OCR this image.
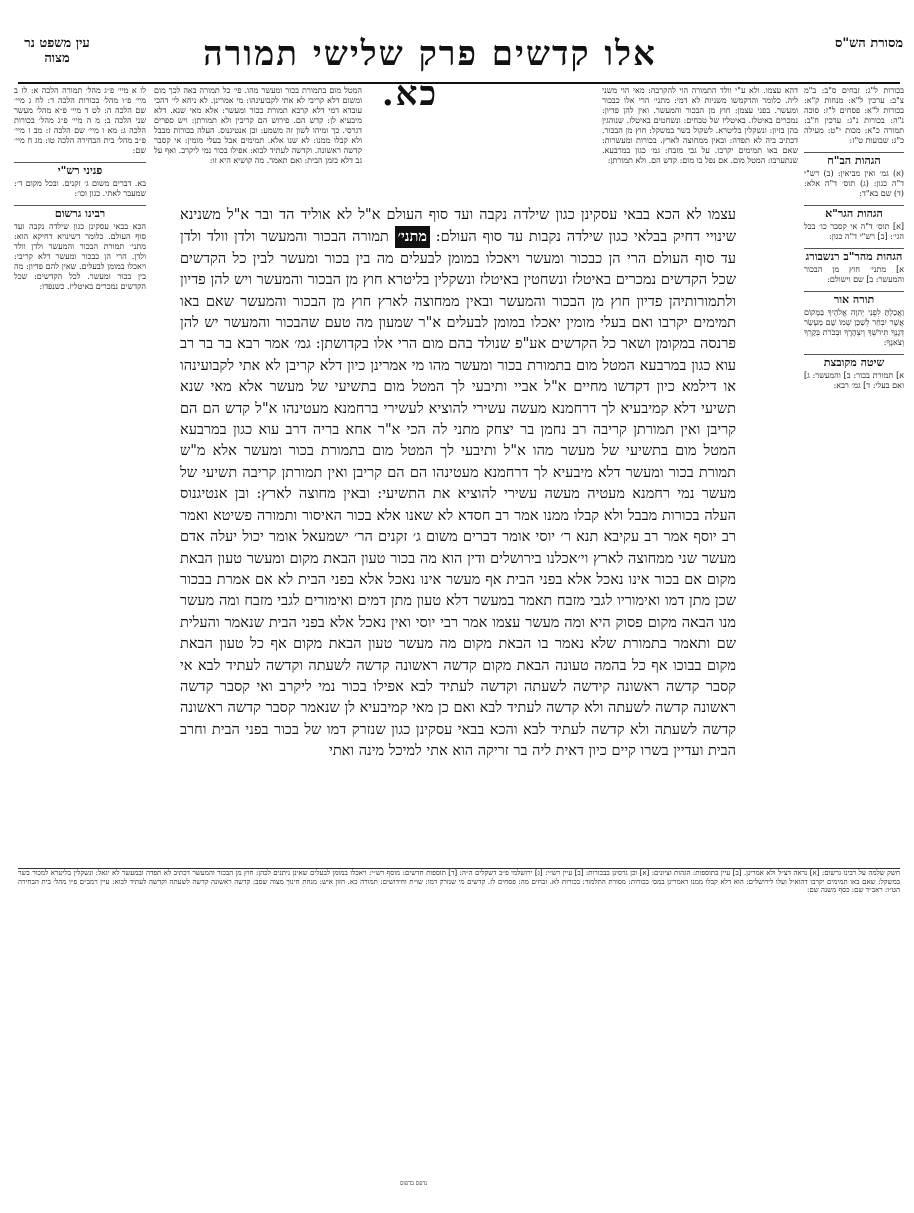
מסורת הש"ס
אלו קדשים פרק שלישי תמורה כא.
עין משפט נר מצוה
בכורות ל"ג: זבחים ס"ב: ב"מ צ"ב: ערכין ל"א: מנחות ק"א: בכורות ל"א: פסחים ל"ז: סוכה נ"ה: בכורות נ"ג: ערכין ח"ב: תמורה כ"א: מכות י"ט: מעילה כ"ג: שבועות ט"ז:
הגהות הב"ח
(א) גמ׳ ואין מביאין: (ב) רש"י ד"ה כגון: (ג) תוס׳ ד"ה אלא: (ד) שם בא"ד:
הגהות הגר"א
[א] תוס׳ ד"ה אי קסבר כו׳ בכל הגי׳: [ב] רש"י ד"ה כגון:
הגהות מהר"ב רנשבורג
א] מתני׳ חוץ מן הבכור והמעשר: ב] שם וישולם:
תורה אור
וַאֲכַלְתָּ לִפְנֵי יְהוָה אֱלֹהֶיךָ בַּמָּקוֹם אֲשֶׁר יִבְחַר לְשַׁכֵּן שְׁמוֹ שָׁם מַעְשַׂר דְּגָנְךָ תִּירֹשְׁךָ וְיִצְהָרֶךָ וּבְכֹרֹת בְּקָרְךָ וְצֹאנֶךָ:
שיטה מקובצת
א] תמורת בכור: ב] והמעשר: ג] ואם בעלי: ד] גמ׳ רבא:
דהא עצמו. ולא ע"י וולד התמורה הוי להקרבה: מאי הוי משני ליה. כלומר והדקמשו משניות לא דמי: מתני׳ הרי אלו כבכור ומעשר. בפני עצמן: חוץ מן הבכור והמעשר. ואין להן פדיון: נמכרים באיטלז. באיטליז של טבחים: ונשחטים באיטלז. שנוהגין בהן בזיון: ונשקלין בליטרא. לשקול בשר במשקל: חוץ מן הבכור. דכתיב ביה לא תפדה: ובאין ממחוצה לארץ. בכורות ומעשרות: שאם באו תמימים יקרבו. על גבי מזבח: גמ׳ כגון במרבעא. שנתערבו: המטל מום. אם נפל בו מום: קדש הם. ולא תמורתן:
המטל מום בתמורת בכור ומעשר מהו. פי׳ כל תמורה באה לכך מום ומשום דלא קריבי לא אתי לקבועינהו: מי אמרינן. לא ניחא לי׳ דהכי עובדא דמי דלא קרבא תמורת בכור ומעשר: אלא מאי שנא. דלא מיבעיא לן: קדש הם. פירוש הם קריבין ולא תמורתן: ויש ספרים דגרסי. כך ומיהו לשון זה משמע: ובן אנטיגנוס. העלה בכורות מבבל ולא קבלו ממנו: לא שנו אלא. תמימים אבל בעלי מומין: אי קסבר קדשה ראשונה. וקדשה לעתיד לבוא: אפילו בכור נמי ליקרב. ואף על גב דלא בזמן הבית: ואם תאמר. מה קושיא היא זו:
לו א מיי׳ פ״ג מהל׳ תמורה הלכה א: לז ב מיי׳ פ״ו מהל׳ בכורות הלכה ד: לח ג מיי׳ שם הלכה ה: לט ד מיי׳ פ״א מהל׳ מעשר שני הלכה ב: מ ה מיי׳ פ״ג מהל׳ בכורות הלכה ג: מא ו מיי׳ שם הלכה ז: מב ז מיי׳ פ״ב מהל׳ בית הבחירה הלכה טו: מג ח מיי׳ שם:
פניני רש"י
בא. דברים משום ג׳ זקנים. ובכל מקום ד׳: שמעבר לאתי. כגון וכו׳:
רבינו גרשום
הכא בבאי עסקינן כגון שילדה נקבה ועד סוף העולם. כלומר דשינויא דחיקא הוא: מתני׳ תמורת הבכור והמעשר ולדן וולד ולדן. הרי הן כבכור ומעשר דלא קריבי: ויאכלו במומן לבעלים. שאין להם פדיון: מה בין בכור ומעשר. לכל הקדשים: שכל הקדשים נמכרים באיטליז. כשנפדו:
עצמו לא הכא בבאי עסקינן כגון שילדה נקבה ועד סוף העולם א"ל לא אוליד הד ובר א"ל משנינא שינויי דחיק בבלאי כגון שילדה נקבות עד סוף העולם: מתני׳ תמורה הבכור והמעשר ולדן וולד ולדן עד סוף העולם הרי הן כבכור ומעשר ויאכלו במומן לבעלים מה בין בכור ומעשר לבין כל הקדשים שכל הקדשים נמכרים באיטלז ונשחטין באיטלז ונשקלין בליטרא חוץ מן הבכור והמעשר ויש להן פדיון ולתמורותיהן פדיון חוץ מן הבכור והמעשר ובאין ממחוצה לארץ חוץ מן הבכור והמעשר שאם באו תמימים יקרבו ואם בעלי מומין יאכלו במומן לבעלים א"ר שמעון מה טעם שהבכור והמעשר יש להן פרנסה במקומן ושאר כל הקדשים אע"פ שנולד בהם מום הרי אלו בקדושתן: גמ׳ אמר רבא בר בר רב עוא כגון במרבעא המטל מום בתמורת בכור ומעשר מהו מי אמרינן כיון דלא קריבן לא אתי לקבועינהו או דילמא כיון דקדשו מחיים א"ל אביי ותיבעי לך המטל מום בתשיעי של מעשר אלא מאי שנא תשיעי דלא קמיבעיא לך דרחמנא מעשה עשירי להוציא לעשירי ברחמנא מעטינהו א"ל קדש הם הם קריבן ואין תמורתן קריבה רב נחמן בר יצחק מתני לה הכי א"ר אחא בריה דרב עוא כגון במרבעא המטל מום בתשיעי של מעשר מהו א"ל ותיבעי לך המטל מום בתמורת בכור ומעשר אלא מ"ש תמורת בכור ומעשר דלא מיבעיא לך דרחמנא מעטינהו הם הם קריבן ואין תמורתן קריבה תשיעי של מעשר נמי רחמנא מעטיה מעשה עשירי להוציא את התשיעי: ובאין מחוצה לארץ: ובן אנטיגנוס העלה בכורות מבבל ולא קבלו ממנו אמר רב חסדא לא שאנו אלא בכור האיסור ותמורה פשיטא ואמר רב יוסף אמר רב עקיבא תנא ר׳ יוסי אומר דברים משום ג׳ זקנים הר׳ ישמעאל אומר יכול יעלה אדם מעשר שני ממחוצה לארץ וי׳אכלנו בירושלים ודין הוא מה בכור טעון הבאת מקום ומעשר טעון הבאת מקום אם בכור אינו נאכל אלא בפני הבית אף מעשר אינו נאכל אלא בפני הבית לא אם אמרת בבכור שכן מתן דמו ואימוריו לגבי מזבח תאמר במעשר דלא טעון מתן דמים ואימורים לגבי מזבח ומה מעשר מנו הבאה מקום פסוק היא ומה מעשר עצמו אמר רבי יוסי ואין נאכל אלא בפני הבית שנאמר והעלית שם ותאמר בתמורת שלא נאמר בו הבאת מקום מה מעשר טעון הבאת מקום אף כל טעון הבאת מקום בבוכו אף כל בהמה טעונה הבאת מקום קדשה ראשונה קדשה לשעתה וקדשה לעתיד לבא אי קסבר קדשה ראשונה קידשה לשעתה וקדשה לעתיד לבא אפילו בכור נמי ליקרב ואי קסבר קדשה ראשונה קדשה לשעתה ולא קדשה לעתיד לבא ואם כן מאי קמיבעיא לן שנאמר קסבר קדשה ראשונה קדשה לשעתה ולא קדשה לעתיד לבא והכא בבאי עסקינן כגון שנזרק דמו של בכור בפני הבית וחרב הבית ועדיין בשרו קיים כיון דאית ליה בר זריקה הוא אתי למיכל מינה ואתי
חשק שלמה על רבינו גרשום: [א] נראה דצ״ל ולא אמרינן. [ב] עיין בתוספות: הגהות וציונים: [א] וכן גרסינן בבכורות: [ב] עיין רש״י: [ג] ירושלמי פ״ב דשקלים ה״ה: [ד] תוספות חדשים: מוסף רש״י: ויאכלו במומן לבעלים שאינן ניתנים לכהן: חוץ מן הבכור והמעשר דכתיב לא תפדה ובמעשר לא יגאל: ונשקלין בליטרא למכור בשר במשקל: שאם באו תמימים יקרבו דהואיל ועלו לירושלים: הוא דלא קבלו ממנו דאמרינן במס׳ בכורות: מסורת התלמוד: בכורות לא. זבחים מה: פסחים לז. קדשים מי שנזרק דמו: שו״ת וחידושים: תמורה כא. חזון איש: מנחת חינוך מצוה שסב: קדשה ראשונה קדשה לשעתה וקדשה לעתיד לבוא: עיין רמב״ם פ״ו מהל׳ בית הבחירה הט״ו: ראב״ד שם: כסף משנה שם:
נדפס בדפוס
